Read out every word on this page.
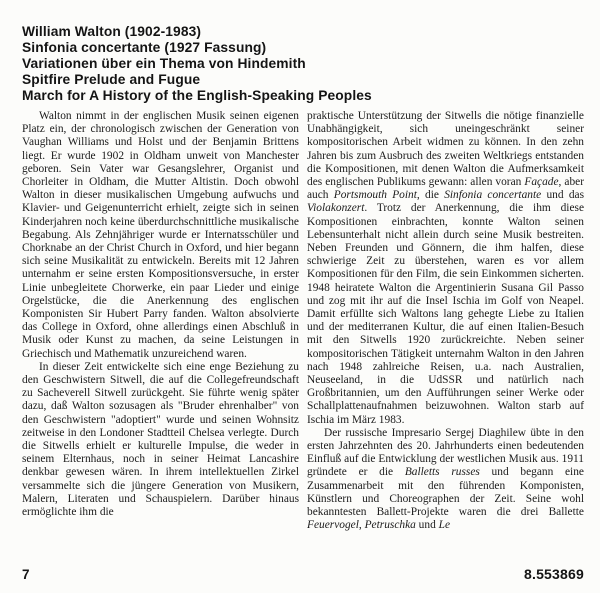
William Walton (1902-1983)
Sinfonia concertante (1927 Fassung)
Variationen über ein Thema von Hindemith
Spitfire Prelude and Fugue
March for A History of the English-Speaking Peoples

Walton nimmt in der englischen Musik seinen eigenen Platz ein, der chronologisch zwischen der Generation von Vaughan Williams und Holst und der Benjamin Brittens liegt. Er wurde 1902 in Oldham unweit von Manchester geboren. Sein Vater war Gesangslehrer, Organist und Chorleiter in Oldham, die Mutter Altistin. Doch obwohl Walton in dieser musikalischen Umgebung aufwuchs und Klavier- und Geigenunterricht erhielt, zeigte sich in seinen Kinderjahren noch keine überdurchschnittliche musikalische Begabung. Als Zehnjähriger wurde er Internatsschüler und Chorknabe an der Christ Church in Oxford, und hier begann sich seine Musikalität zu entwickeln. Bereits mit 12 Jahren unternahm er seine ersten Kompositionsversuche, in erster Linie unbegleitete Chorwerke, ein paar Lieder und einige Orgelstücke, die die Anerkennung des englischen Komponisten Sir Hubert Parry fanden. Walton absolvierte das College in Oxford, ohne allerdings einen Abschluß in Musik oder Kunst zu machen, da seine Leistungen in Griechisch und Mathematik unzureichend waren.

In dieser Zeit entwickelte sich eine enge Beziehung zu den Geschwistern Sitwell, die auf die Collegefreundschaft zu Sacheverell Sitwell zurückgeht. Sie führte wenig später dazu, daß Walton sozusagen als "Bruder ehrenhalber" von den Geschwistern "adoptiert" wurde und seinen Wohnsitz zeitweise in den Londoner Stadtteil Chelsea verlegte. Durch die Sitwells erhielt er kulturelle Impulse, die weder in seinem Elternhaus, noch in seiner Heimat Lancashire denkbar gewesen wären. In ihrem intellektuellen Zirkel versammelte sich die jüngere Generation von Musikern, Malern, Literaten und Schauspielern. Darüber hinaus ermöglichte ihm die

praktische Unterstützung der Sitwells die nötige finanzielle Unabhängigkeit, sich uneingeschränkt seiner kompositorischen Arbeit widmen zu können. In den zehn Jahren bis zum Ausbruch des zweiten Weltkriegs entstanden die Kompositionen, mit denen Walton die Aufmerksamkeit des englischen Publikums gewann: allen voran Façade, aber auch Portsmouth Point, die Sinfonia concertante und das Violakonzert. Trotz der Anerkennung, die ihm diese Kompositionen einbrachten, konnte Walton seinen Lebensunterhalt nicht allein durch seine Musik bestreiten. Neben Freunden und Gönnern, die ihm halfen, diese schwierige Zeit zu überstehen, waren es vor allem Kompositionen für den Film, die sein Einkommen sicherten. 1948 heiratete Walton die Argentinierin Susana Gil Passo und zog mit ihr auf die Insel Ischia im Golf von Neapel. Damit erfüllte sich Waltons lang gehegte Liebe zu Italien und der mediterranen Kultur, die auf einen Italien-Besuch mit den Sitwells 1920 zurückreichte. Neben seiner kompositorischen Tätigkeit unternahm Walton in den Jahren nach 1948 zahlreiche Reisen, u.a. nach Australien, Neuseeland, in die UdSSR und natürlich nach Großbritannien, um den Aufführungen seiner Werke oder Schallplattenaufnahmen beizuwohnen. Walton starb auf Ischia im März 1983.

Der russische Impresario Sergej Diaghilew übte in den ersten Jahrzehnten des 20. Jahrhunderts einen bedeutenden Einfluß auf die Entwicklung der westlichen Musik aus. 1911 gründete er die Balletts russes und begann eine Zusammenarbeit mit den führenden Komponisten, Künstlern und Choreographen der Zeit. Seine wohl bekanntesten Ballett-Projekte waren die drei Ballette Feuervogel, Petruschka und Le

7	8.553869
